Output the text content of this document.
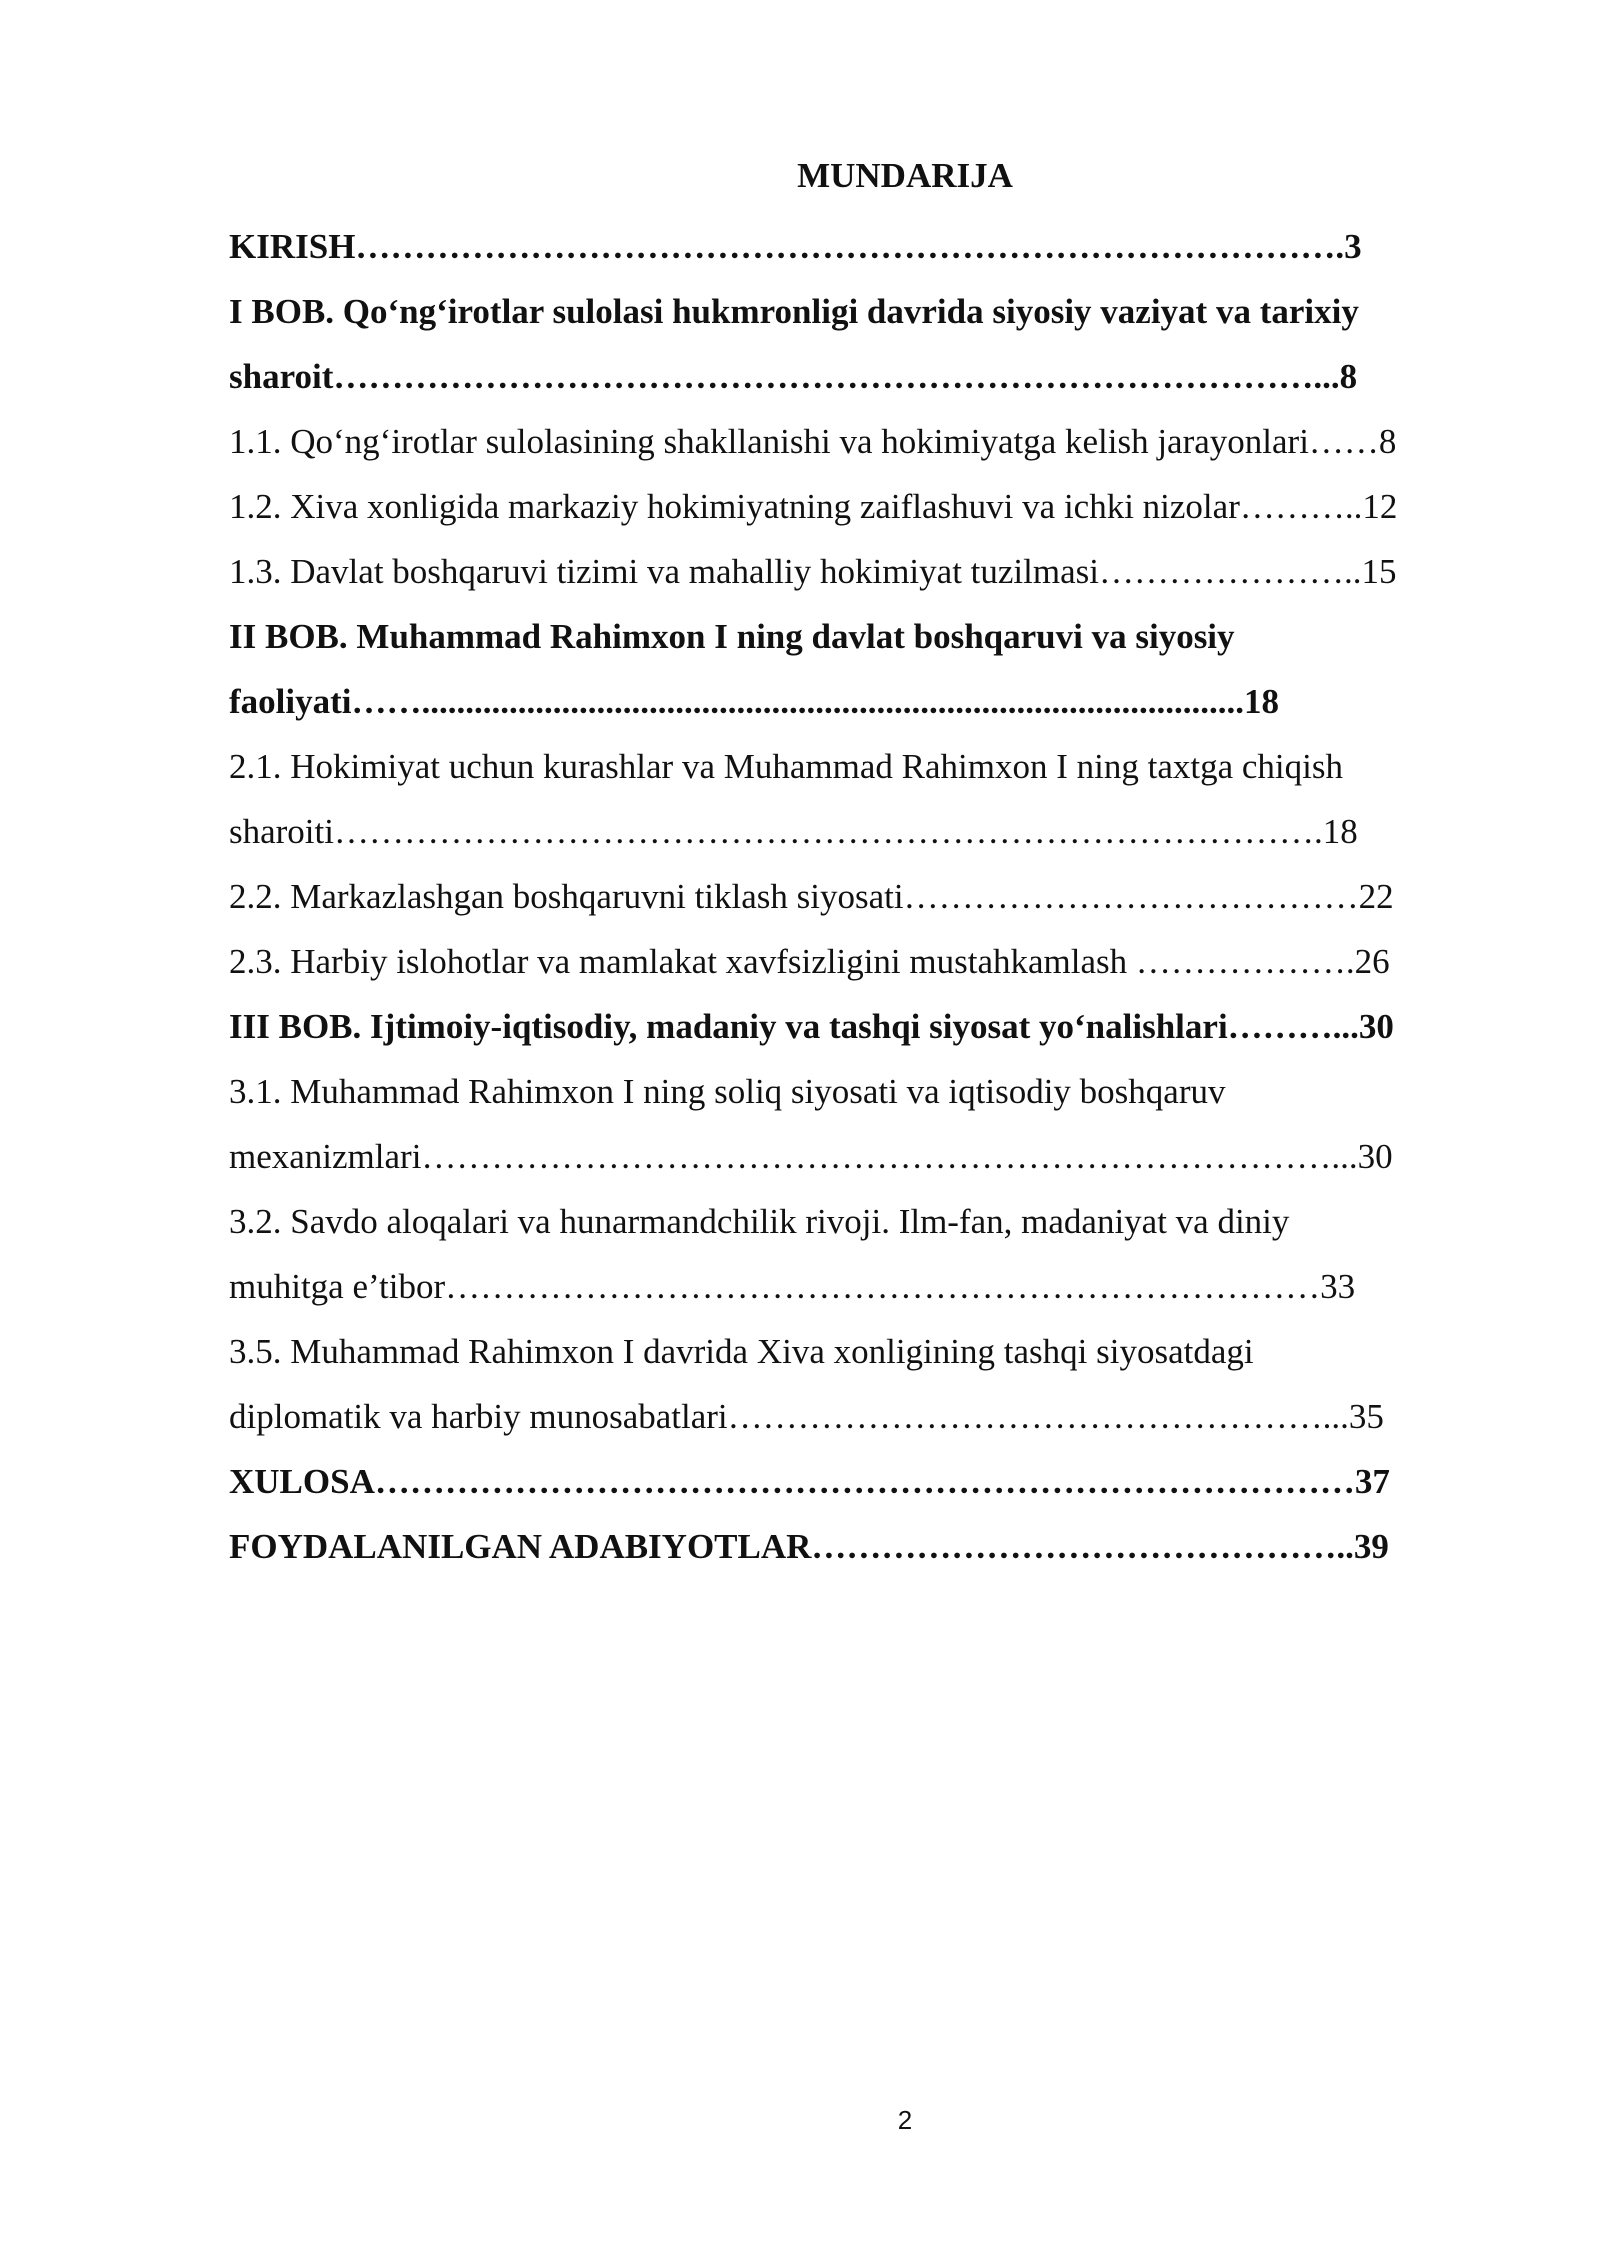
MUNDARIJA
KIRISH………………………………………………………………………….3
I BOB. Qo‘ng‘irotlar sulolasi hukmronligi davrida siyosiy vaziyat va tarixiy
sharoit…………………………………………………………………………...8
1.1. Qo‘ng‘irotlar sulolasining shakllanishi va hokimiyatga kelish jarayonlari……8
1.2. Xiva xonligida markaziy hokimiyatning zaiflashuvi va ichki nizolar………..12
1.3. Davlat boshqaruvi tizimi va mahalliy hokimiyat tuzilmasi…………………..15
II BOB. Muhammad Rahimxon I ning davlat boshqaruvi va siyosiy
faoliyati……..............................................................................................18
2.1. Hokimiyat uchun kurashlar va Muhammad Rahimxon I ning taxtga chiqish
sharoiti………………………………………………………………………….18
2.2. Markazlashgan boshqaruvni tiklash siyosati…………………………………22
2.3. Harbiy islohotlar va mamlakat xavfsizligini mustahkamlash ……………….26
III BOB. Ijtimoiy-iqtisodiy, madaniy va tashqi siyosat yo‘nalishlari………...30
3.1. Muhammad Rahimxon I ning soliq siyosati va iqtisodiy boshqaruv
mexanizmlari……………………………………………………………………...30
3.2. Savdo aloqalari va hunarmandchilik rivoji. Ilm-fan, madaniyat va diniy
muhitga e’tibor…………………………………………………………………33
3.5. Muhammad Rahimxon I davrida Xiva xonligining tashqi siyosatdagi
diplomatik va harbiy munosabatlari……………………………………………...35
XULOSA…………………………………………………………………………37
FOYDALANILGAN ADABIYOTLAR………………………………………..39
2
